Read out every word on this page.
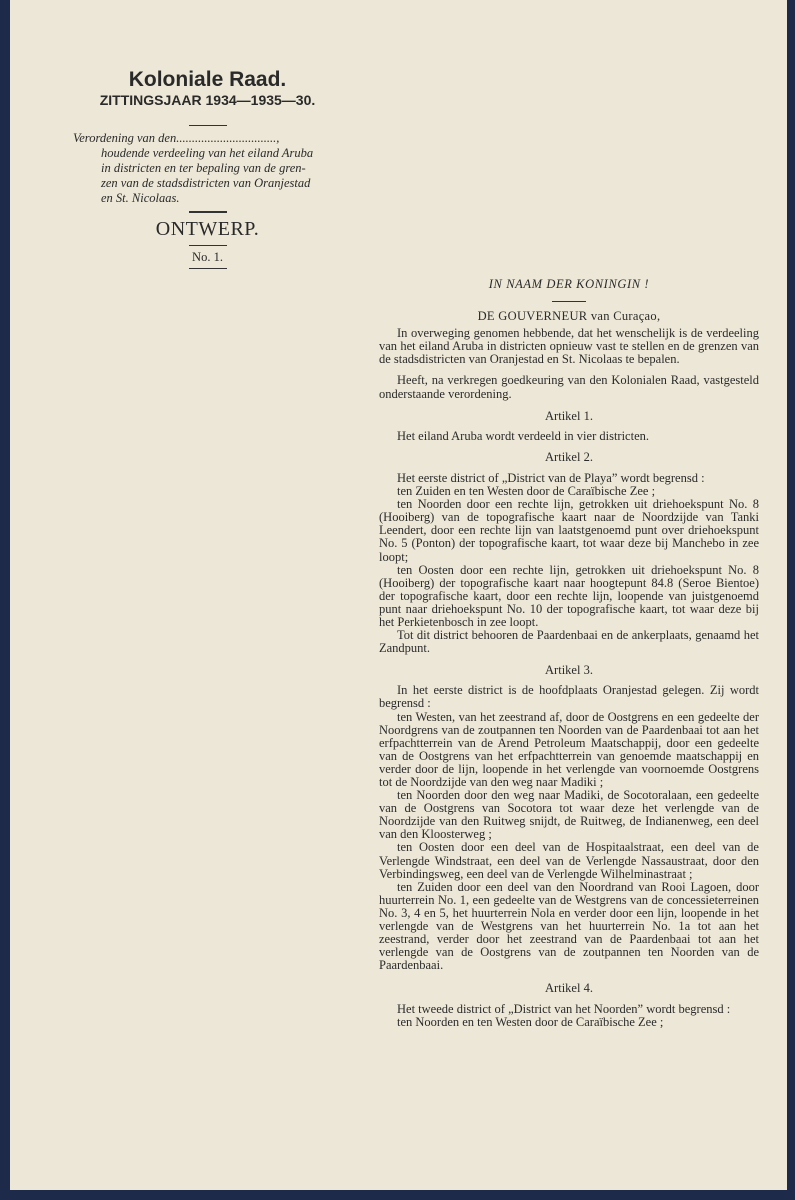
Koloniale Raad.
ZITTINGSJAAR 1934—1935—30.

Verordening van den................................,
houdende verdeeling van het eiland Aruba
in districten en ter bepaling van de gren-
zen van de stadsdistricten van Oranjestad
en St. Nicolaas.

ONTWERP.
No. 1.

IN NAAM DER KONINGIN !

DE GOUVERNEUR van Curaçao,

In overweging genomen hebbende, dat het wenschelijk is de verdeeling van het eiland Aruba in districten opnieuw vast te stellen en de grenzen van de stadsdistricten van Oranjestad en St. Nicolaas te bepalen.

Heeft, na verkregen goedkeuring van den Kolonialen Raad, vastgesteld onderstaande verordening.

Artikel 1.

Het eiland Aruba wordt verdeeld in vier districten.

Artikel 2.

Het eerste district of „District van de Playa” wordt begrensd :

ten Zuiden en ten Westen door de Caraïbische Zee ;

ten Noorden door een rechte lijn, getrokken uit driehoekspunt No. 8 (Hooiberg) van de topografische kaart naar de Noordzijde van Tanki Leendert, door een rechte lijn van laatstgenoemd punt over driehoekspunt No. 5 (Ponton) der topografische kaart, tot waar deze bij Manchebo in zee loopt;

ten Oosten door een rechte lijn, getrokken uit driehoekspunt No. 8 (Hooiberg) der topografische kaart naar hoogtepunt 84.8 (Seroe Bientoe) der topografische kaart, door een rechte lijn, loopende van juistgenoemd punt naar driehoekspunt No. 10 der topografische kaart, tot waar deze bij het Perkietenbosch in zee loopt.

Tot dit district behooren de Paardenbaai en de ankerplaats, genaamd het Zandpunt.

Artikel 3.

In het eerste district is de hoofdplaats Oranjestad gelegen. Zij wordt begrensd :

ten Westen, van het zeestrand af, door de Oostgrens en een gedeelte der Noordgrens van de zoutpannen ten Noorden van de Paardenbaai tot aan het erfpachtterrein van de Arend Petroleum Maatschappij, door een gedeelte van de Oostgrens van het erfpachtterrein van genoemde maatschappij en verder door de lijn, loopende in het verlengde van voornoemde Oostgrens tot de Noordzijde van den weg naar Madiki ;

ten Noorden door den weg naar Madiki, de Socotoralaan, een gedeelte van de Oostgrens van Socotora tot waar deze het verlengde van de Noordzijde van den Ruitweg snijdt, de Ruitweg, de Indianenweg, een deel van den Kloosterweg ;

ten Oosten door een deel van de Hospitaalstraat, een deel van de Verlengde Windstraat, een deel van de Verlengde Nassaustraat, door den Verbindingsweg, een deel van de Verlengde Wilhelminastraat ;

ten Zuiden door een deel van den Noordrand van Rooi Lagoen, door huurterrein No. 1, een gedeelte van de Westgrens van de concessieterreinen No. 3, 4 en 5, het huurterrein Nola en verder door een lijn, loopende in het verlengde van de Westgrens van het huurterrein No. 1a tot aan het zeestrand, verder door het zeestrand van de Paardenbaai tot aan het verlengde van de Oostgrens van de zoutpannen ten Noorden van de Paardenbaai.

Artikel 4.

Het tweede district of „District van het Noorden” wordt begrensd :

ten Noorden en ten Westen door de Caraïbische Zee ;
